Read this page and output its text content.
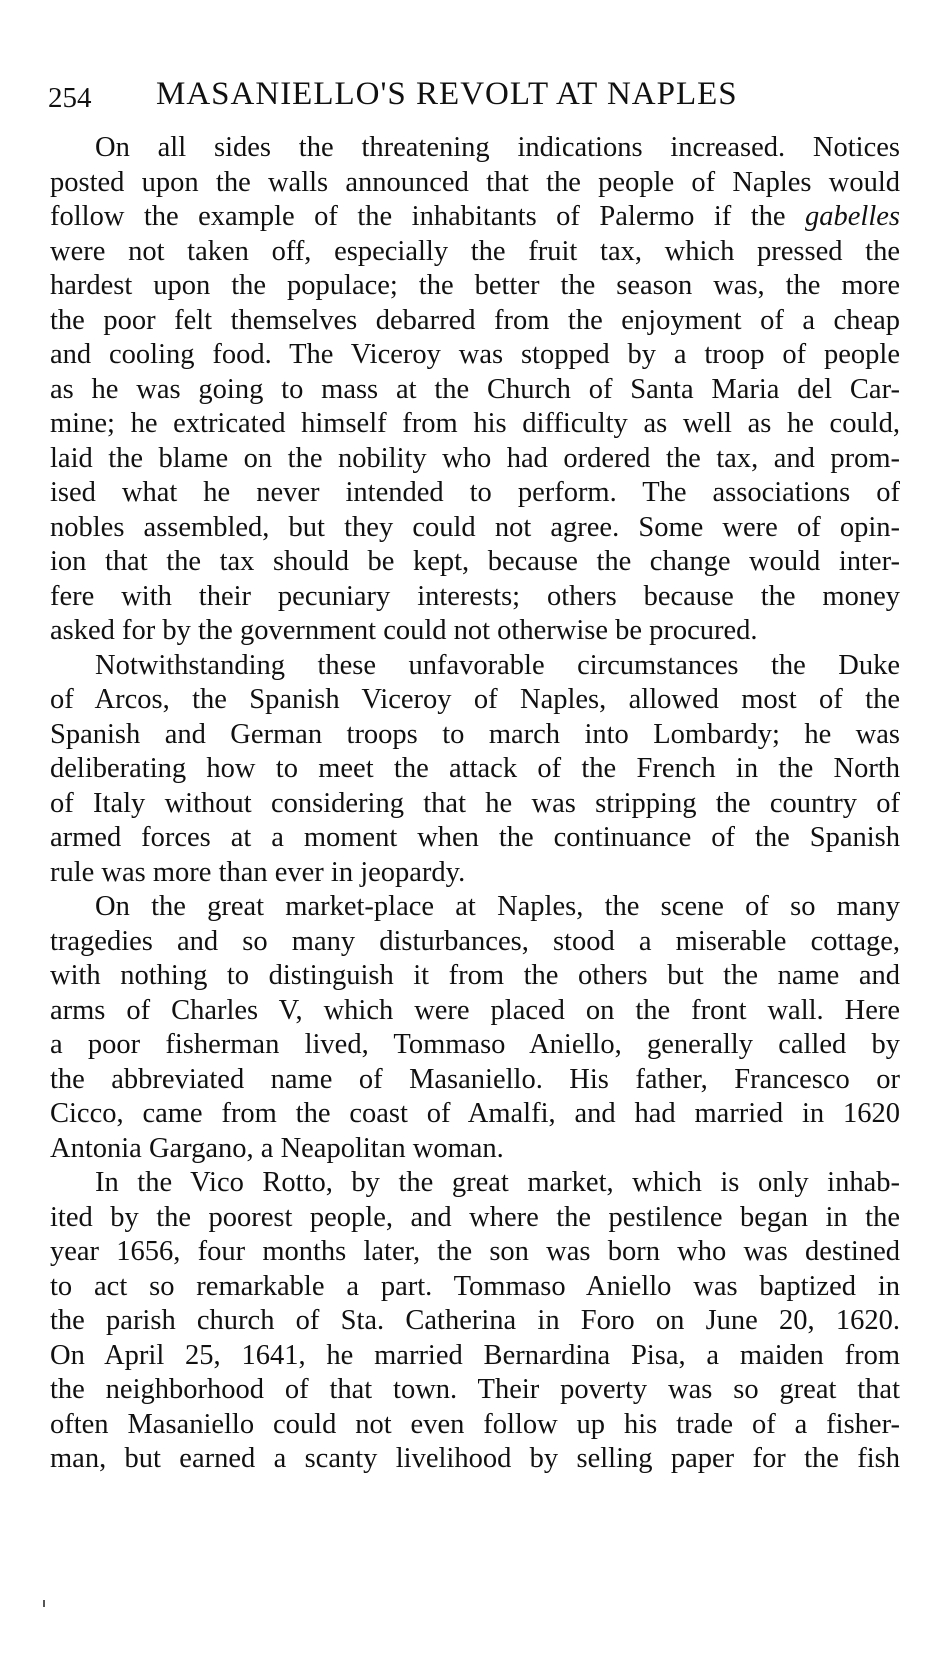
254 MASANIELLO'S REVOLT AT NAPLES

On all sides the threatening indications increased. Notices
posted upon the walls announced that the people of Naples would
follow the example of the inhabitants of Palermo if the gabelles
were not taken off, especially the fruit tax, which pressed the
hardest upon the populace; the better the season was, the more
the poor felt themselves debarred from the enjoyment of a cheap
and cooling food. The Viceroy was stopped by a troop of people
as he was going to mass at the Church of Santa Maria del Car-
mine; he extricated himself from his difficulty as well as he could,
laid the blame on the nobility who had ordered the tax, and prom-
ised what he never intended to perform. The associations of
nobles assembled, but they could not agree. Some were of opin-
ion that the tax should be kept, because the change would inter-
fere with their pecuniary interests; others because the money
asked for by the government could not otherwise be procured.

Notwithstanding these unfavorable circumstances the Duke
of Arcos, the Spanish Viceroy of Naples, allowed most of the
Spanish and German troops to march into Lombardy; he was
deliberating how to meet the attack of the French in the North
of Italy without considering that he was stripping the country of
armed forces at a moment when the continuance of the Spanish
rule was more than ever in jeopardy.

On the great market-place at Naples, the scene of so many
tragedies and so many disturbances, stood a miserable cottage,
with nothing to distinguish it from the others but the name and
arms of Charles V, which were placed on the front wall. Here
a poor fisherman lived, Tommaso Aniello, generally called by
the abbreviated name of Masaniello. His father, Francesco or
Cicco, came from the coast of Amalfi, and had married in 1620
Antonia Gargano, a Neapolitan woman.

In the Vico Rotto, by the great market, which is only inhab-
ited by the poorest people, and where the pestilence began in the
year 1656, four months later, the son was born who was destined
to act so remarkable a part. Tommaso Aniello was baptized in
the parish church of Sta. Catherina in Foro on June 20, 1620.
On April 25, 1641, he married Bernardina Pisa, a maiden from
the neighborhood of that town. Their poverty was so great that
often Masaniello could not even follow up his trade of a fisher-
man, but earned a scanty livelihood by selling paper for the fish
